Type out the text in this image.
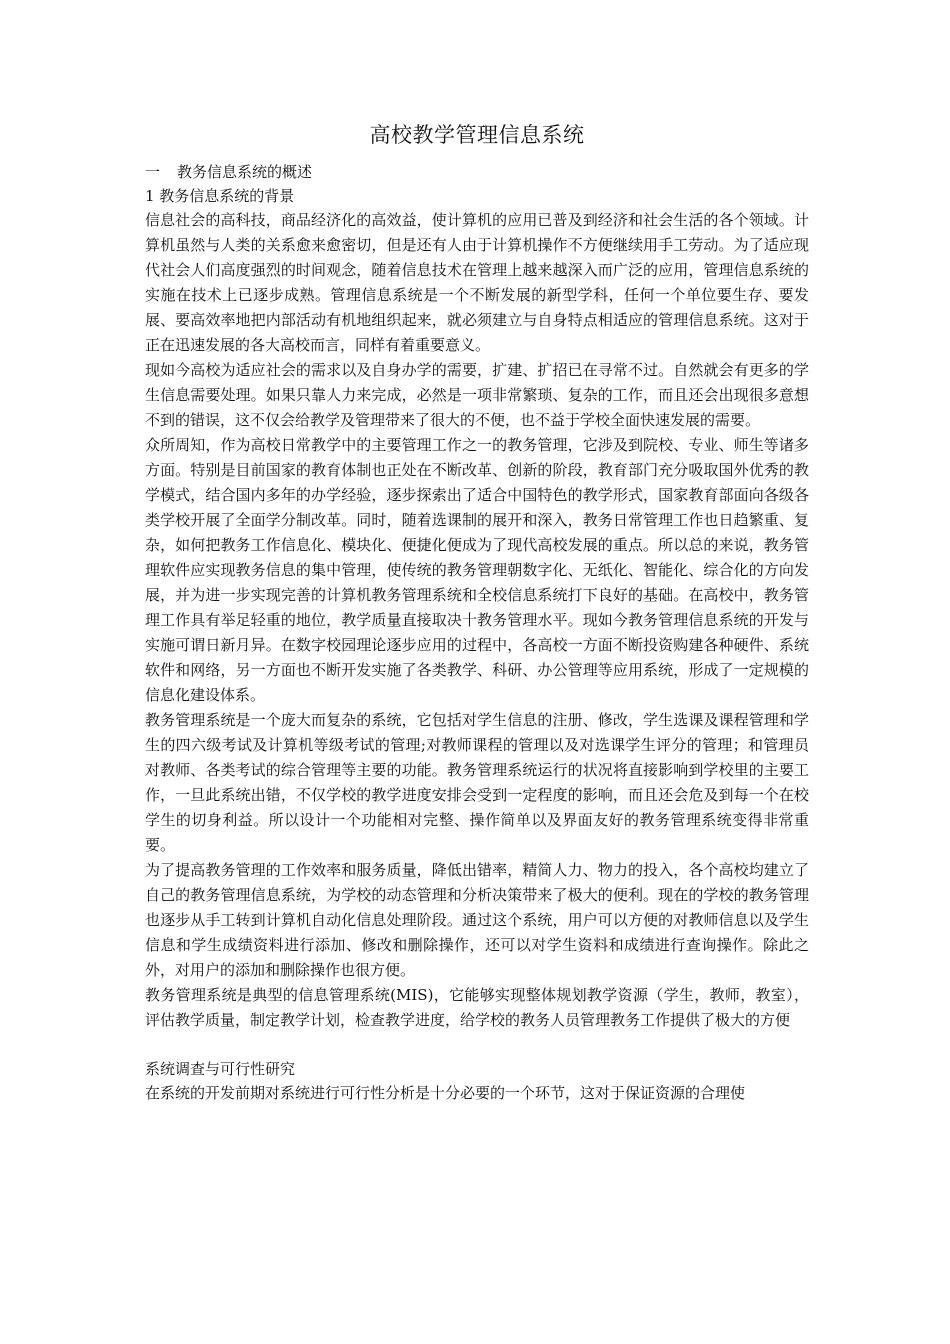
高校教学管理信息系统

一 教务信息系统的概述

1 教务信息系统的背景

信息社会的高科技，商品经济化的高效益，使计算机的应用已普及到经济和社会生活的各个领域。计算机虽然与人类的关系愈来愈密切，但是还有人由于计算机操作不方便继续用手工劳动。为了适应现代社会人们高度强烈的时间观念，随着信息技术在管理上越来越深入而广泛的应用，管理信息系统的实施在技术上已逐步成熟。管理信息系统是一个不断发展的新型学科，任何一个单位要生存、要发展、要高效率地把内部活动有机地组织起来，就必须建立与自身特点相适应的管理信息系统。这对于正在迅速发展的各大高校而言，同样有着重要意义。

现如今高校为适应社会的需求以及自身办学的需要，扩建、扩招已在寻常不过。自然就会有更多的学生信息需要处理。如果只靠人力来完成，必然是一项非常繁琐、复杂的工作，而且还会出现很多意想不到的错误，这不仅会给教学及管理带来了很大的不便，也不益于学校全面快速发展的需要。

众所周知，作为高校日常教学中的主要管理工作之一的教务管理，它涉及到院校、专业、师生等诸多方面。特别是目前国家的教育体制也正处在不断改革、创新的阶段，教育部门充分吸取国外优秀的教学模式，结合国内多年的办学经验，逐步探索出了适合中国特色的教学形式，国家教育部面向各级各类学校开展了全面学分制改革。同时，随着选课制的展开和深入，教务日常管理工作也日趋繁重、复杂，如何把教务工作信息化、模块化、便捷化便成为了现代高校发展的重点。所以总的来说，教务管理软件应实现教务信息的集中管理，使传统的教务管理朝数字化、无纸化、智能化、综合化的方向发展，并为进一步实现完善的计算机教务管理系统和全校信息系统打下良好的基础。在高校中，教务管理工作具有举足轻重的地位，教学质量直接取决十教务管理水平。现如今教务管理信息系统的开发与实施可谓日新月异。在数字校园理论逐步应用的过程中，各高校一方面不断投资购建各种硬件、系统软件和网络，另一方面也不断开发实施了各类教学、科研、办公管理等应用系统，形成了一定规模的信息化建设体系。

教务管理系统是一个庞大而复杂的系统，它包括对学生信息的注册、修改，学生选课及课程管理和学生的四六级考试及计算机等级考试的管理;对教师课程的管理以及对选课学生评分的管理；和管理员对教师、各类考试的综合管理等主要的功能。教务管理系统运行的状况将直接影响到学校里的主要工作，一旦此系统出错，不仅学校的教学进度安排会受到一定程度的影响，而且还会危及到每一个在校学生的切身利益。所以设计一个功能相对完整、操作简单以及界面友好的教务管理系统变得非常重要。

为了提高教务管理的工作效率和服务质量，降低出错率，精简人力、物力的投入，各个高校均建立了自己的教务管理信息系统，为学校的动态管理和分析决策带来了极大的便利。现在的学校的教务管理也逐步从手工转到计算机自动化信息处理阶段。通过这个系统，用户可以方便的对教师信息以及学生信息和学生成绩资料进行添加、修改和删除操作，还可以对学生资料和成绩进行查询操作。除此之外，对用户的添加和删除操作也很方便。

教务管理系统是典型的信息管理系统(MIS)，它能够实现整体规划教学资源（学生，教师，教室），评估教学质量，制定教学计划，检查教学进度，给学校的教务人员管理教务工作提供了极大的方便

系统调查与可行性研究

在系统的开发前期对系统进行可行性分析是十分必要的一个环节，这对于保证资源的合理使
